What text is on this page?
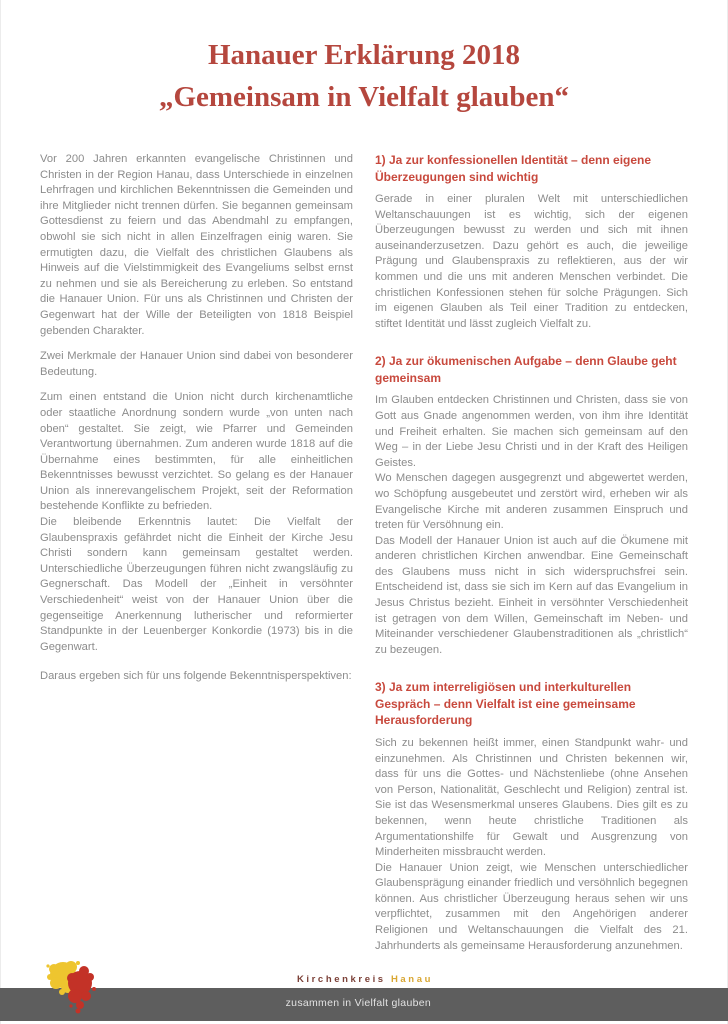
Hanauer Erklärung 2018
„Gemeinsam in Vielfalt glauben“

Vor 200 Jahren erkannten evangelische Christinnen und Christen in der Region Hanau, dass Unterschiede in einzelnen Lehrfragen und kirchlichen Bekenntnissen die Gemeinden und ihre Mitglieder nicht trennen dürfen. Sie begannen gemeinsam Gottesdienst zu feiern und das Abendmahl zu empfangen, obwohl sie sich nicht in allen Einzelfragen einig waren. Sie ermutigten dazu, die Vielfalt des christlichen Glaubens als Hinweis auf die Vielstimmigkeit des Evangeliums selbst ernst zu nehmen und sie als Bereicherung zu erleben. So entstand die Hanauer Union. Für uns als Christinnen und Christen der Gegenwart hat der Wille der Beteiligten von 1818 Beispiel gebenden Charakter.

Zwei Merkmale der Hanauer Union sind dabei von besonderer Bedeutung.

Zum einen entstand die Union nicht durch kirchenamtliche oder staatliche Anordnung sondern wurde „von unten nach oben“ gestaltet. Sie zeigt, wie Pfarrer und Gemeinden Verantwortung übernahmen. Zum anderen wurde 1818 auf die Übernahme eines bestimmten, für alle einheitlichen Bekenntnisses bewusst verzichtet. So gelang es der Hanauer Union als innerevangelischem Projekt, seit der Reformation bestehende Konflikte zu befrieden.

Die bleibende Erkenntnis lautet: Die Vielfalt der Glaubenspraxis gefährdet nicht die Einheit der Kirche Jesu Christi sondern kann gemeinsam gestaltet werden. Unterschiedliche Überzeugungen führen nicht zwangsläufig zu Gegnerschaft. Das Modell der „Einheit in versöhnter Verschiedenheit“ weist von der Hanauer Union über die gegenseitige Anerkennung lutherischer und reformierter Standpunkte in der Leuenberger Konkordie (1973) bis in die Gegenwart.

Daraus ergeben sich für uns folgende Bekenntnisperspektiven:

1) Ja zur konfessionellen Identität – denn eigene Überzeugungen sind wichtig

Gerade in einer pluralen Welt mit unterschiedlichen Weltanschauungen ist es wichtig, sich der eigenen Überzeugungen bewusst zu werden und sich mit ihnen auseinanderzusetzen. Dazu gehört es auch, die jeweilige Prägung und Glaubenspraxis zu reflektieren, aus der wir kommen und die uns mit anderen Menschen verbindet. Die christlichen Konfessionen stehen für solche Prägungen. Sich im eigenen Glauben als Teil einer Tradition zu entdecken, stiftet Identität und lässt zugleich Vielfalt zu.

2) Ja zur ökumenischen Aufgabe – denn Glaube geht gemeinsam

Im Glauben entdecken Christinnen und Christen, dass sie von Gott aus Gnade angenommen werden, von ihm ihre Identität und Freiheit erhalten. Sie machen sich gemeinsam auf den Weg – in der Liebe Jesu Christi und in der Kraft des Heiligen Geistes.

Wo Menschen dagegen ausgegrenzt und abgewertet werden, wo Schöpfung ausgebeutet und zerstört wird, erheben wir als Evangelische Kirche mit anderen zusammen Einspruch und treten für Versöhnung ein.

Das Modell der Hanauer Union ist auch auf die Ökumene mit anderen christlichen Kirchen anwendbar. Eine Gemeinschaft des Glaubens muss nicht in sich widerspruchsfrei sein. Entscheidend ist, dass sie sich im Kern auf das Evangelium in Jesus Christus bezieht. Einheit in versöhnter Verschiedenheit ist getragen von dem Willen, Gemeinschaft im Neben- und Miteinander verschiedener Glaubenstraditionen als „christlich“ zu bezeugen.

3) Ja zum interreligiösen und interkulturellen Gespräch – denn Vielfalt ist eine gemeinsame Herausforderung

Sich zu bekennen heißt immer, einen Standpunkt wahr- und einzunehmen. Als Christinnen und Christen bekennen wir, dass für uns die Gottes- und Nächstenliebe (ohne Ansehen von Person, Nationalität, Geschlecht und Religion) zentral ist. Sie ist das Wesensmerkmal unseres Glaubens. Dies gilt es zu bekennen, wenn heute christliche Traditionen als Argumentationshilfe für Gewalt und Ausgrenzung von Minderheiten missbraucht werden.

Die Hanauer Union zeigt, wie Menschen unterschiedlicher Glaubensprägung einander friedlich und versöhnlich begegnen können. Aus christlicher Überzeugung heraus sehen wir uns verpflichtet, zusammen mit den Angehörigen anderer Religionen und Weltanschauungen die Vielfalt des 21. Jahrhunderts als gemeinsame Herausforderung anzunehmen.

Kirchenkreis Hanau
zusammen in Vielfalt glauben
